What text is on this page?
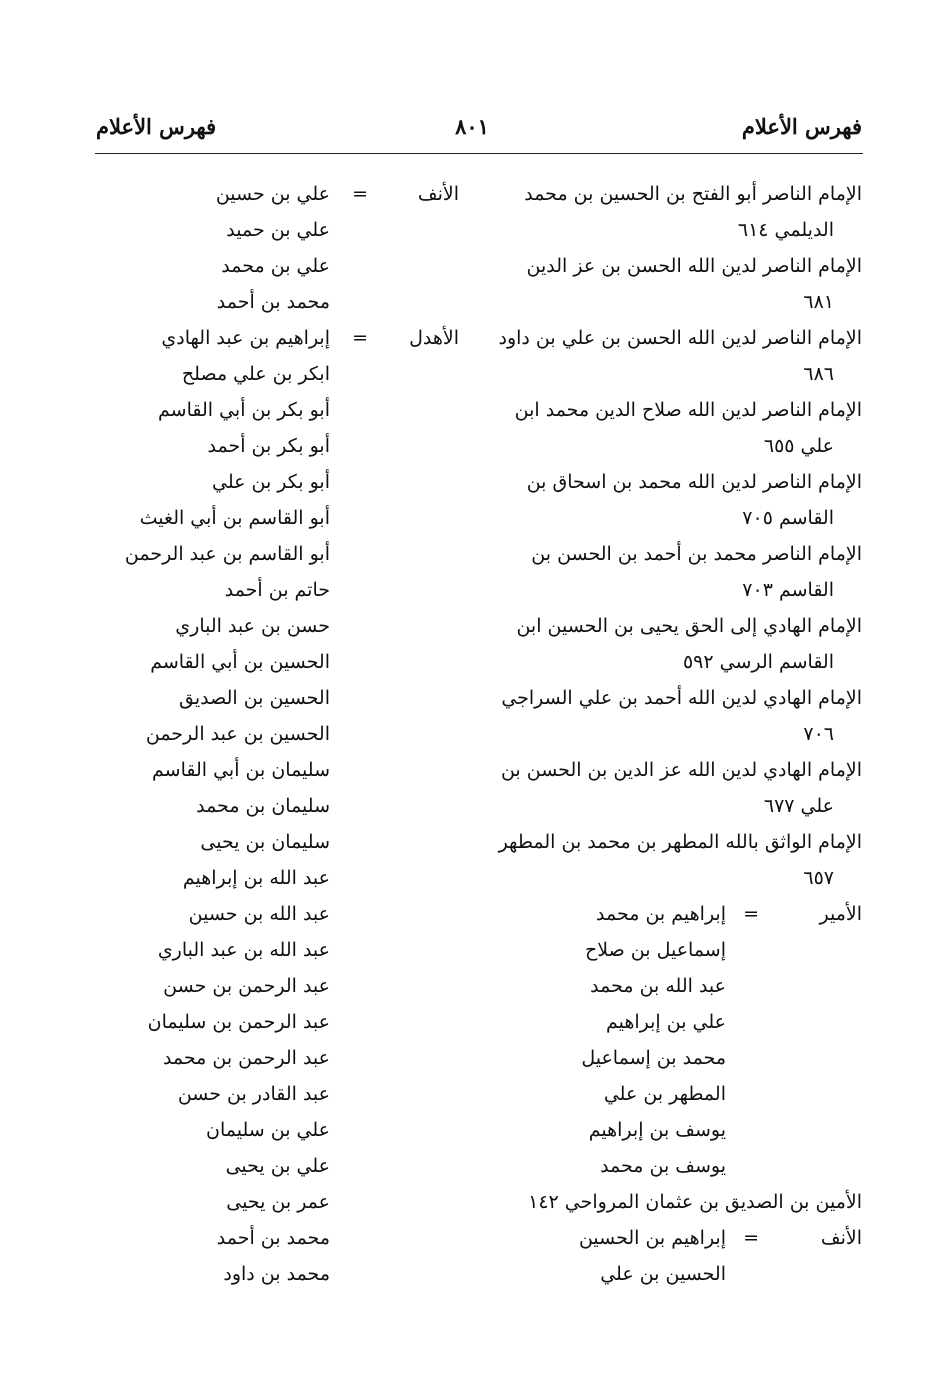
فهرس الأعلام
٨٠١
فهرس الأعلام
الإمام الناصر أبو الفتح بن الحسين بن محمد
الديلمي ٦١٤
الإمام الناصر لدين الله الحسن بن عز الدين
٦٨١
الإمام الناصر لدين الله الحسن بن علي بن داود
٦٨٦
الإمام الناصر لدين الله صلاح الدين محمد ابن
علي ٦٥٥
الإمام الناصر لدين الله محمد بن اسحاق بن
القاسم ٧٠٥
الإمام الناصر محمد بن أحمد بن الحسن بن
القاسم ٧٠٣
الإمام الهادي إلى الحق يحيى بن الحسين ابن
القاسم الرسي ٥٩٢
الإمام الهادي لدين الله أحمد بن علي السراجي
٧٠٦
الإمام الهادي لدين الله عز الدين بن الحسن بن
علي ٦٧٧
الإمام الواثق بالله المطهر بن محمد بن المطهر
٦٥٧
الأنف
الأهدل
الأمير
=
إبراهيم بن محمد
إسماعيل بن صلاح
عبد الله بن محمد
علي بن إبراهيم
محمد بن إسماعيل
المطهر بن علي
يوسف بن إبراهيم
يوسف بن محمد
الأمين بن الصديق بن عثمان المرواحي ١٤٢
الأنف
=
إبراهيم بن الحسين
الحسين بن علي
علي بن حسين =
علي بن حميد
علي بن محمد
محمد بن أحمد
إبراهيم بن عبد الهادي =
ابكر بن علي مصلح
أبو بكر بن أبي القاسم
أبو بكر بن أحمد
أبو بكر بن علي
أبو القاسم بن أبي الغيث
أبو القاسم بن عبد الرحمن
حاتم بن أحمد
حسن بن عبد الباري
الحسين بن أبي القاسم
الحسين بن الصديق
الحسين بن عبد الرحمن
سليمان بن أبي القاسم
سليمان بن محمد
سليمان بن يحيى
عبد الله بن إبراهيم
عبد الله بن حسين
عبد الله بن عبد الباري
عبد الرحمن بن حسن
عبد الرحمن بن سليمان
عبد الرحمن بن محمد
عبد القادر بن حسن
علي بن سليمان
علي بن يحيى
عمر بن يحيى
محمد بن أحمد
محمد بن داود
